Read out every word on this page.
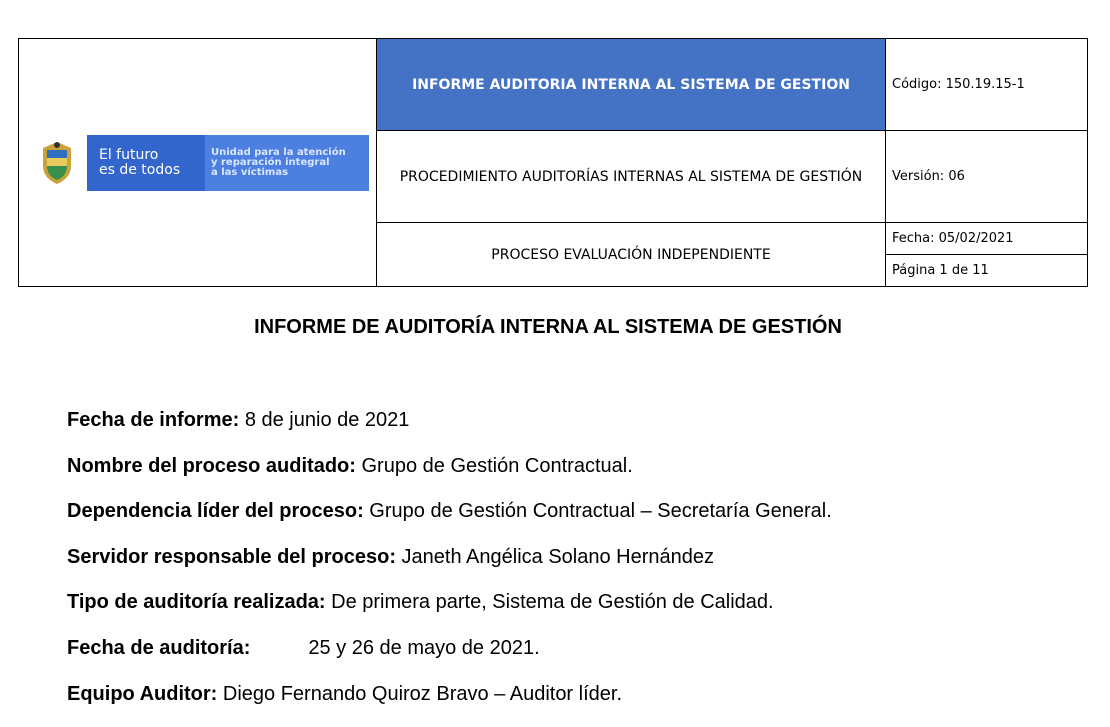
El futuro
es de todos
Unidad para la atención
y reparación integral
a las víctimas	INFORME AUDITORIA INTERNA AL SISTEMA DE GESTION	Código: 150.19.15-1
	PROCEDIMIENTO AUDITORÍAS INTERNAS AL SISTEMA DE GESTIÓN	Versión: 06
	PROCESO EVALUACIÓN INDEPENDIENTE	Fecha: 05/02/2021
Página 1 de 11
INFORME DE AUDITORÍA INTERNA AL SISTEMA DE GESTIÓN
Fecha de informe: 8 de junio de 2021
Nombre del proceso auditado: Grupo de Gestión Contractual.
Dependencia líder del proceso: Grupo de Gestión Contractual – Secretaría General.
Servidor responsable del proceso: Janeth Angélica Solano Hernández
Tipo de auditoría realizada: De primera parte, Sistema de Gestión de Calidad.
Fecha de auditoría:	25 y 26 de mayo de 2021.
Equipo Auditor: Diego Fernando Quiroz Bravo – Auditor líder.
